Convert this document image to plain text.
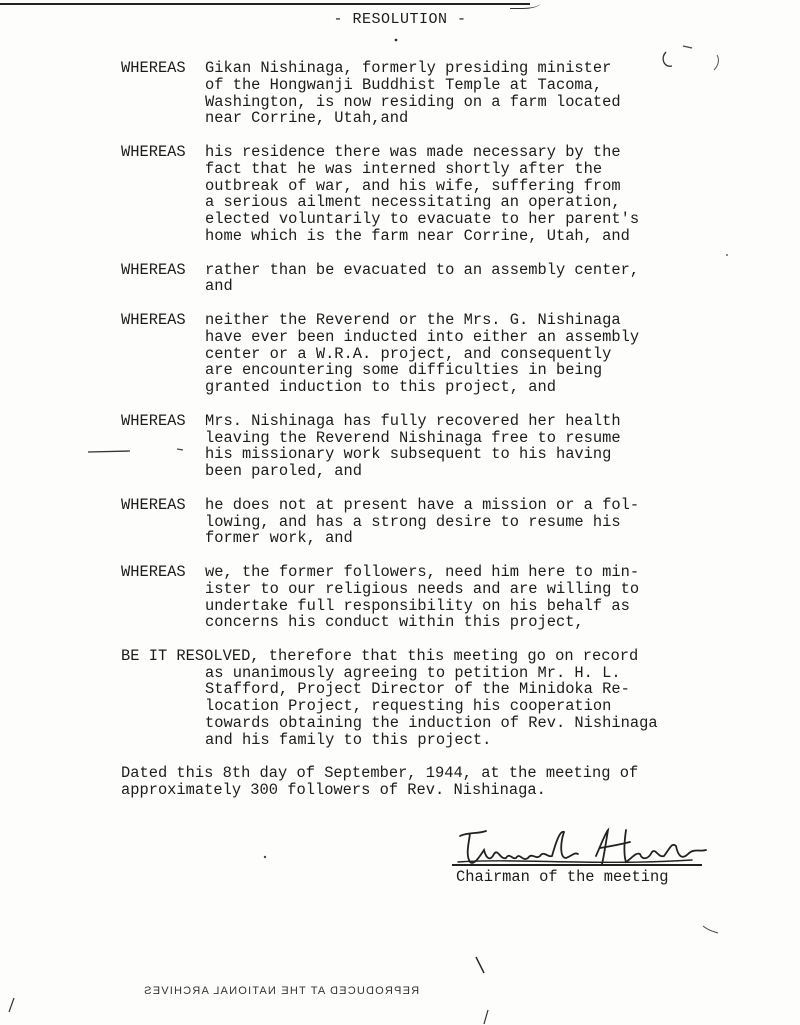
- RESOLUTION -
WHEREAS	Gikan Nishinaga, formerly presiding minister
of the Hongwanji Buddhist Temple at Tacoma,
Washington, is now residing on a farm located
near Corrine, Utah,and
WHEREAS	his residence there was made necessary by the
fact that he was interned shortly after the
outbreak of war, and his wife, suffering from
a serious ailment necessitating an operation,
elected voluntarily to evacuate to her parent's
home which is the farm near Corrine, Utah, and
WHEREAS	rather than be evacuated to an assembly center,
and
WHEREAS	neither the Reverend or the Mrs. G. Nishinaga
have ever been inducted into either an assembly
center or a W.R.A. project, and consequently
are encountering some difficulties in being
granted induction to this project, and
WHEREAS	Mrs. Nishinaga has fully recovered her health
leaving the Reverend Nishinaga free to resume
his missionary work subsequent to his having
been paroled, and
WHEREAS	he does not at present have a mission or a fol-
lowing, and has a strong desire to resume his
former work, and
WHEREAS	we, the former followers, need him here to min-
ister to our religious needs and are willing to
undertake full responsibility on his behalf as
concerns his conduct within this project,
BE IT RESOLVED, therefore that this meeting go on record
as unanimously agreeing to petition Mr. H. L.
Stafford, Project Director of the Minidoka Re-
location Project, requesting his cooperation
towards obtaining the induction of Rev. Nishinaga
and his family to this project.
Dated this 8th day of September, 1944, at the meeting of
approximately 300 followers of Rev. Nishinaga.
Chairman of the meeting
REPRODUCED AT THE NATIONAL ARCHIVES
